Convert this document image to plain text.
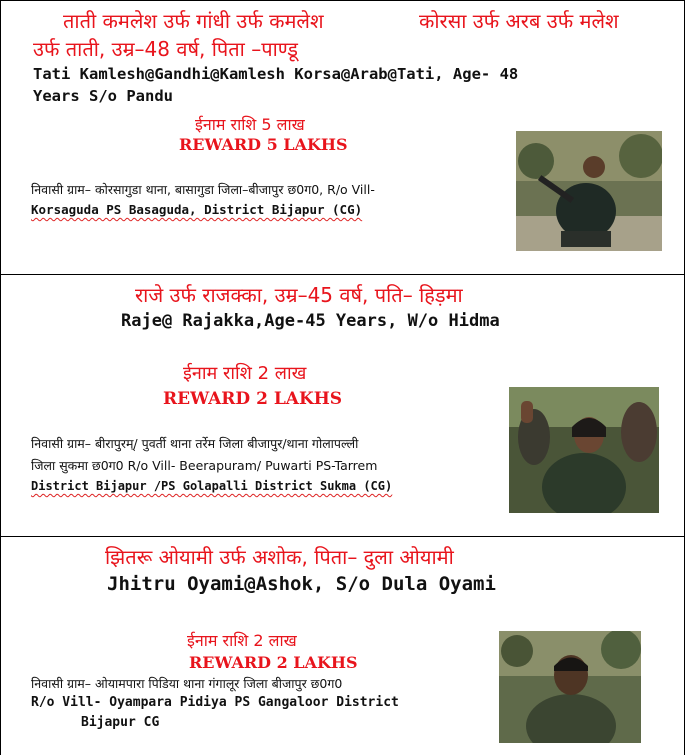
ताती कमलेश उर्फ गांधी उर्फ कमलेश	कोरसा उर्फ अरब उर्फ मलेश
उर्फ ताती, उम्र–48 वर्ष, पिता –पाण्डू
Tati Kamlesh@Gandhi@Kamlesh Korsa@Arab@Tati, Age- 48
Years S/o Pandu
ईनाम राशि 5 लाख
REWARD 5 LAKHS
निवासी ग्राम– कोरसागुडा थाना, बासागुडा जिला–बीजापुर छ0ग0, R/o Vill-
Korsaguda PS Basaguda, District Bijapur (CG)
राजे उर्फ राजक्का, उम्र–45 वर्ष, पति– हिड़मा
Raje@ Rajakka,Age-45 Years, W/o Hidma
ईनाम राशि 2 लाख
REWARD 2 LAKHS
निवासी ग्राम– बीरापुरम्/ पुवर्ती थाना तर्रेम जिला बीजापुर/थाना गोलापल्ली
जिला सुकमा छ0ग0 R/o Vill- Beerapuram/ Puwarti PS-Tarrem
District Bijapur /PS Golapalli District Sukma (CG)
झितरू ओयामी उर्फ अशोक, पिता– दुला ओयामी
Jhitru Oyami@Ashok, S/o Dula Oyami
ईनाम राशि 2 लाख
REWARD 2 LAKHS
निवासी ग्राम– ओयामपारा पिडिया थाना गंगालूर जिला बीजापुर छ0ग0
R/o Vill- Oyampara Pidiya PS Gangaloor District
Bijapur CG
